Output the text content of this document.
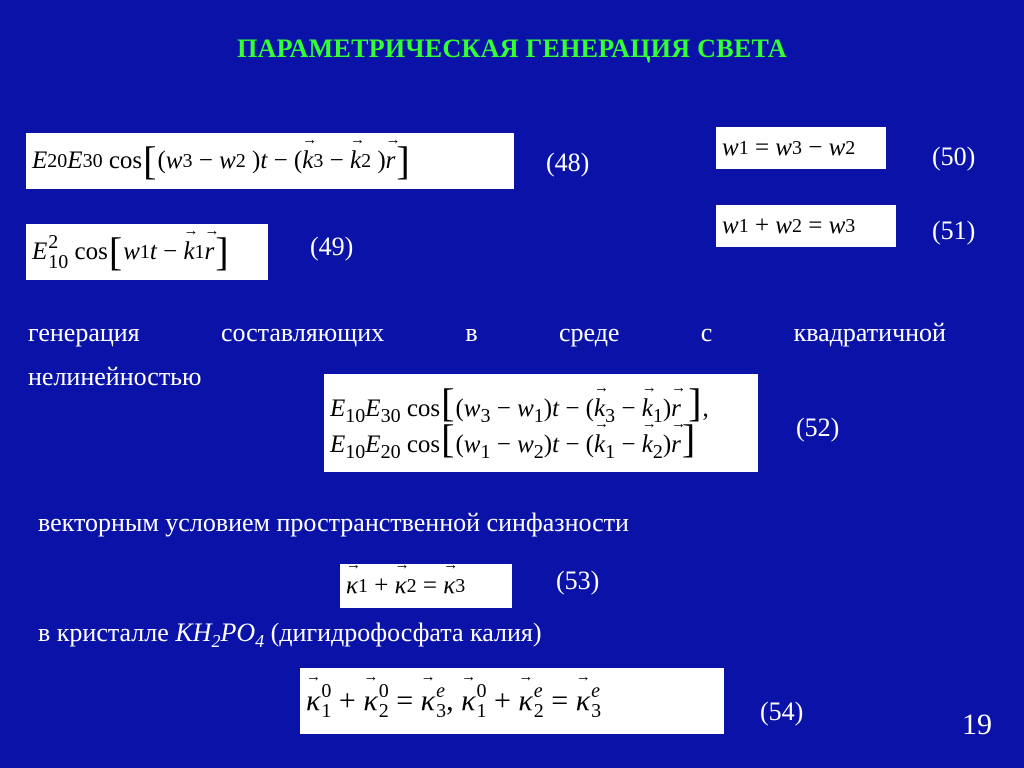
ПАРАМЕТРИЧЕСКАЯ ГЕНЕРАЦИЯ СВЕТА
E 20 E 30 cos [ ( w 3 − w 2 ) t − ( → k 3 − → k 2 ) → r ]	(48)
E 2
10 cos [ w 1 t − → k 1 → r ]	(49)
w 1 = w 3 − w 2	(50)
w 1 + w 2 = w 3	(51)
генерация	составляющих	в	среде	с	квадратичной
нелинейностью
$E_{10}E_{30}$ $\cos[(w_3 - w_1)t$ − (→ $k_3$ − → $k_1)\to r$ ],
$E_{10}E_{20}$ $\cos[(w_1 - w_2)t$ − (→ $k_1$ − → $k_2)\to r$]	(52)
векторным условием пространственной синфазности
→ κ 1 + → κ 2 = → κ 3	(53)
в кристалле $KH_2PO_4$ (дигидрофосфата калия)
→ κ 0
1 + → κ 0
2 = → κ e
3 , → κ 0
1 + → κ e
2 = → κ e
3	(54)	19
